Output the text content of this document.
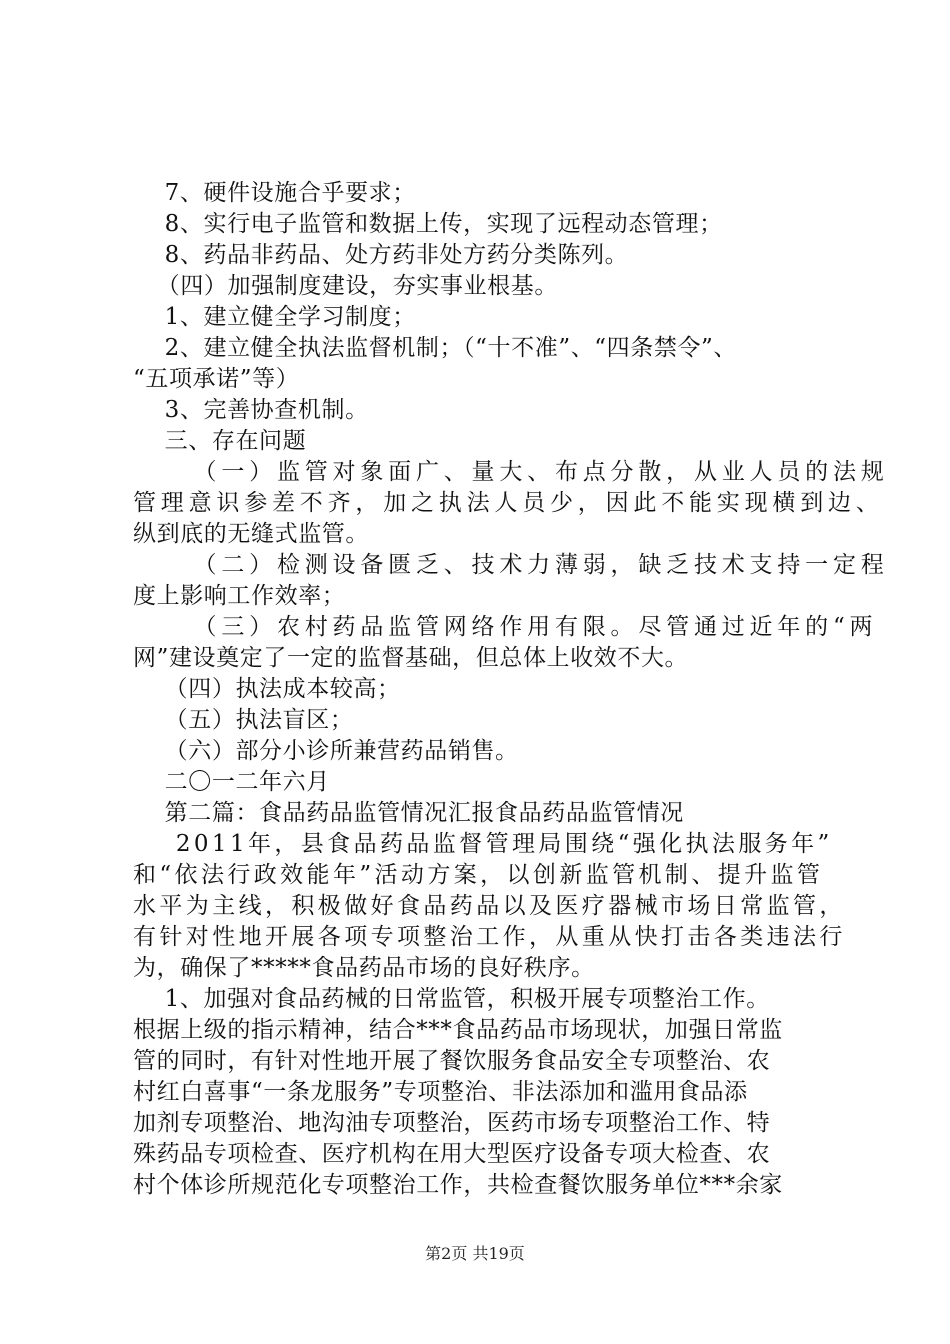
7、硬件设施合乎要求；
8、实行电子监管和数据上传，实现了远程动态管理；
8、药品非药品、处方药非处方药分类陈列。
（四）加强制度建设，夯实事业根基。
1、建立健全学习制度；
2、建立健全执法监督机制；（“十不准”、“四条禁令”、
“五项承诺”等）
3、完善协查机制。
三、存在问题
（一）监管对象面广、量大、布点分散，从业人员的法规
管理意识参差不齐，加之执法人员少，因此不能实现横到边、
纵到底的无缝式监管。
（二）检测设备匮乏、技术力薄弱，缺乏技术支持一定程
度上影响工作效率；
（三）农村药品监管网络作用有限。尽管通过近年的“两
网”建设奠定了一定的监督基础，但总体上收效不大。
（四）执法成本较高；
（五）执法盲区；
（六）部分小诊所兼营药品销售。
二〇一二年六月
第二篇：食品药品监管情况汇报食品药品监管情况
2011年，县食品药品监督管理局围绕“强化执法服务年”
和“依法行政效能年”活动方案，以创新监管机制、提升监管
水平为主线，积极做好食品药品以及医疗器械市场日常监管，
有针对性地开展各项专项整治工作，从重从快打击各类违法行
为，确保了*****食品药品市场的良好秩序。
1、加强对食品药械的日常监管，积极开展专项整治工作。
根据上级的指示精神，结合***食品药品市场现状，加强日常监
管的同时，有针对性地开展了餐饮服务食品安全专项整治、农
村红白喜事“一条龙服务”专项整治、非法添加和滥用食品添
加剂专项整治、地沟油专项整治，医药市场专项整治工作、特
殊药品专项检查、医疗机构在用大型医疗设备专项大检查、农
村个体诊所规范化专项整治工作，共检查餐饮服务单位***余家
第2页 共19页
